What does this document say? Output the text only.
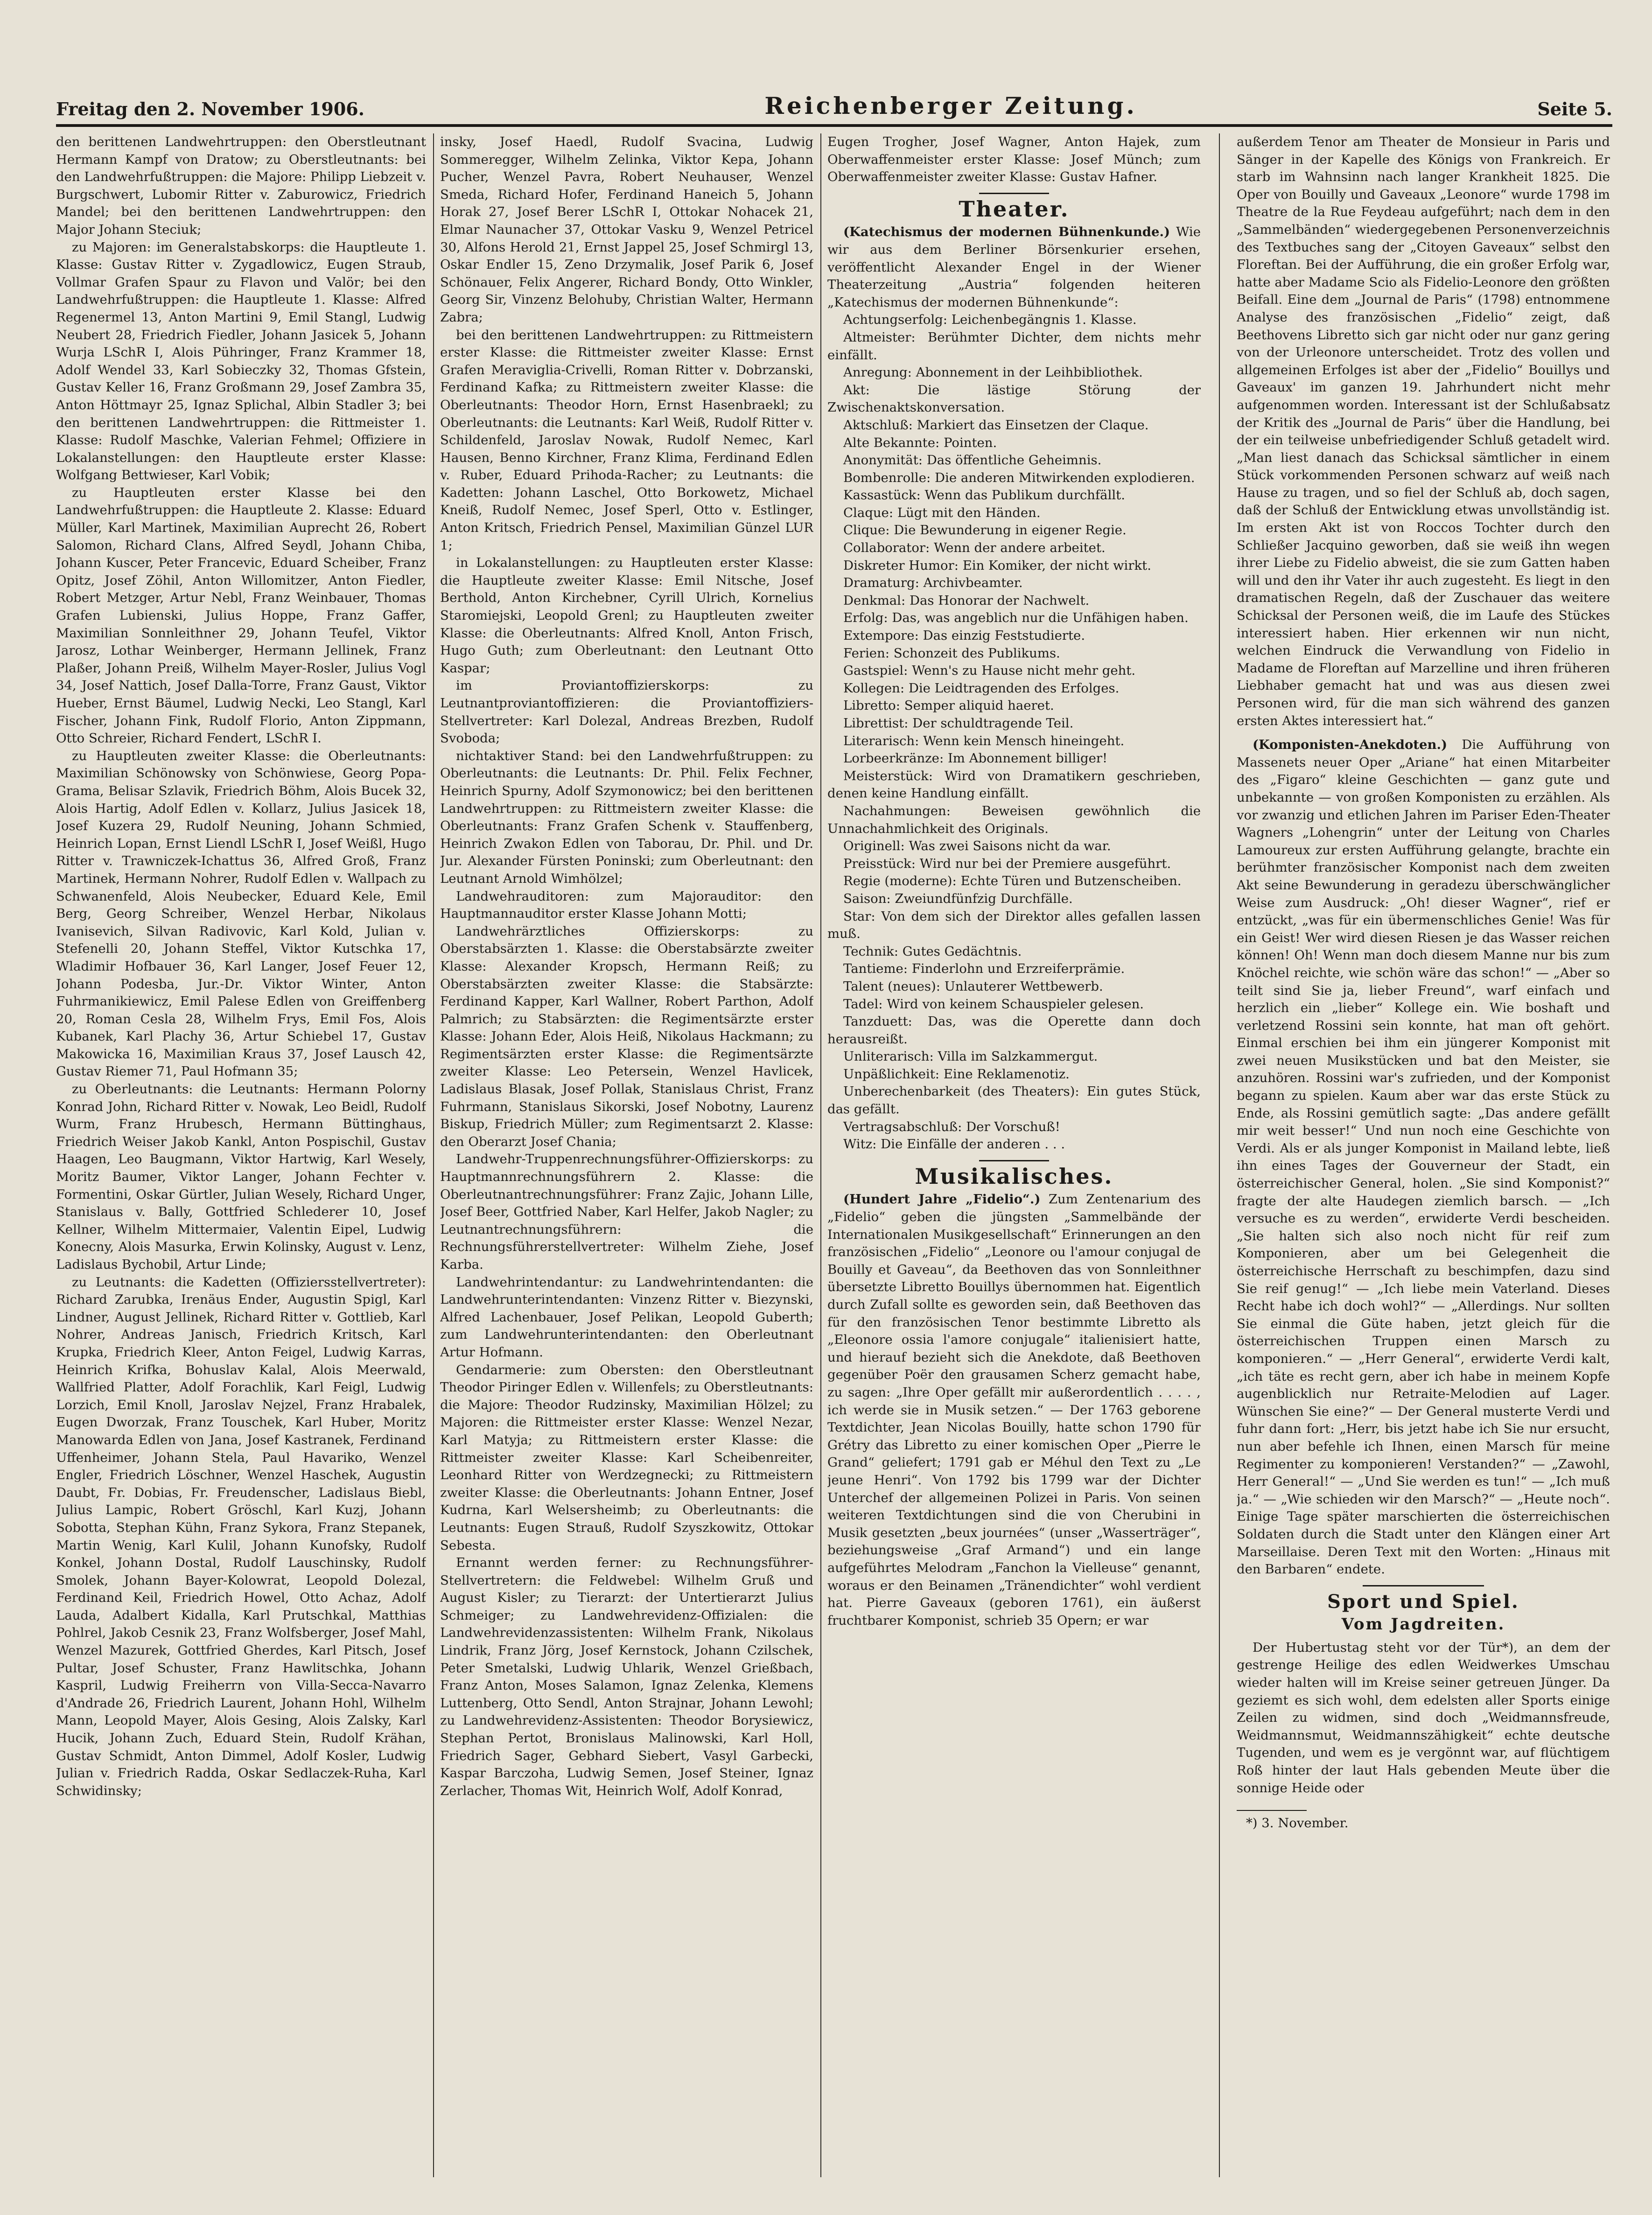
Freitag den 2. November 1906.	Reichenberger Zeitung.	Seite 5.

den berittenen Landwehrtruppen: den Oberstleutnant Hermann Kampf von Dratow; zu Oberstleutnants: bei den Landwehrfußtruppen: die Majore: Philipp Liebzeit v. Burgschwert, Lubomir Ritter v. Zaburowicz, Friedrich Mandel; bei den berittenen Landwehrtruppen: den Major Johann Steciuk;

zu Majoren: im Generalstabskorps: die Hauptleute 1. Klasse: Gustav Ritter v. Zygadlowicz, Eugen Straub, Vollmar Grafen Spaur zu Flavon und Valör; bei den Landwehrfußtruppen: die Hauptleute 1. Klasse: Alfred Regenermel 13, Anton Martini 9, Emil Stangl, Ludwig Neubert 28, Friedrich Fiedler, Johann Jasicek 5, Johann Wurja LSchR I, Alois Pühringer, Franz Krammer 18, Adolf Wendel 33, Karl Sobieczky 32, Thomas Gfstein, Gustav Keller 16, Franz Großmann 29, Josef Zambra 35, Anton Höttmayr 25, Ignaz Splichal, Albin Stadler 3; bei den berittenen Landwehrtruppen: die Rittmeister 1. Klasse: Rudolf Maschke, Valerian Fehmel; Offiziere in Lokalanstellungen: den Hauptleute erster Klasse: Wolfgang Bettwieser, Karl Vobik;

zu Hauptleuten erster Klasse bei den Landwehrfußtruppen: die Hauptleute 2. Klasse: Eduard Müller, Karl Martinek, Maximilian Auprecht 26, Robert Salomon, Richard Clans, Alfred Seydl, Johann Chiba, Johann Kuscer, Peter Francevic, Eduard Scheiber, Franz Opitz, Josef Zöhil, Anton Willomitzer, Anton Fiedler, Robert Metzger, Artur Nebl, Franz Weinbauer, Thomas Grafen Lubienski, Julius Hoppe, Franz Gaffer, Maximilian Sonnleithner 29, Johann Teufel, Viktor Jarosz, Lothar Weinberger, Hermann Jellinek, Franz Plaßer, Johann Preiß, Wilhelm Mayer-Rosler, Julius Vogl 34, Josef Nattich, Josef Dalla-Torre, Franz Gaust, Viktor Hueber, Ernst Bäumel, Ludwig Necki, Leo Stangl, Karl Fischer, Johann Fink, Rudolf Florio, Anton Zippmann, Otto Schreier, Richard Fendert, LSchR I.

zu Hauptleuten zweiter Klasse: die Oberleutnants: Maximilian Schönowsky von Schönwiese, Georg Popa-Grama, Belisar Szlavik, Friedrich Böhm, Alois Bucek 32, Alois Hartig, Adolf Edlen v. Kollarz, Julius Jasicek 18, Josef Kuzera 29, Rudolf Neuning, Johann Schmied, Heinrich Lopan, Ernst Liendl LSchR I, Josef Weißl, Hugo Ritter v. Trawniczek-Ichattus 36, Alfred Groß, Franz Martinek, Hermann Nohrer, Rudolf Edlen v. Wallpach zu Schwanenfeld, Alois Neubecker, Eduard Kele, Emil Berg, Georg Schreiber, Wenzel Herbar, Nikolaus Ivanisevich, Silvan Radivovic, Karl Kold, Julian v. Stefenelli 20, Johann Steffel, Viktor Kutschka 17, Wladimir Hofbauer 36, Karl Langer, Josef Feuer 12, Johann Podesba, Jur.-Dr. Viktor Winter, Anton Fuhrmanikiewicz, Emil Palese Edlen von Greiffenberg 20, Roman Cesla 28, Wilhelm Frys, Emil Fos, Alois Kubanek, Karl Plachy 36, Artur Schiebel 17, Gustav Makowicka 16, Maximilian Kraus 37, Josef Lausch 42, Gustav Riemer 71, Paul Hofmann 35;

zu Oberleutnants: die Leutnants: Hermann Polorny Konrad John, Richard Ritter v. Nowak, Leo Beidl, Rudolf Wurm, Franz Hrubesch, Hermann Büttinghaus, Friedrich Weiser Jakob Kankl, Anton Pospischil, Gustav Haagen, Leo Baugmann, Viktor Hartwig, Karl Wesely, Moritz Baumer, Viktor Langer, Johann Fechter v. Formentini, Oskar Gürtler, Julian Wesely, Richard Unger, Stanislaus v. Bally, Gottfried Schlederer 10, Josef Kellner, Wilhelm Mittermaier, Valentin Eipel, Ludwig Konecny, Alois Masurka, Erwin Kolinsky, August v. Lenz, Ladislaus Bychobil, Artur Linde;

zu Leutnants: die Kadetten (Offiziersstellvertreter): Richard Zarubka, Irenäus Ender, Augustin Spigl, Karl Lindner, August Jellinek, Richard Ritter v. Gottlieb, Karl Nohrer, Andreas Janisch, Friedrich Kritsch, Karl Krupka, Friedrich Kleer, Anton Feigel, Ludwig Karras, Heinrich Krifka, Bohuslav Kalal, Alois Meerwald, Wallfried Platter, Adolf Forachlik, Karl Feigl, Ludwig Lorzich, Emil Knoll, Jaroslav Nejzel, Franz Hrabalek, Eugen Dworzak, Franz Touschek, Karl Huber, Moritz Manowarda Edlen von Jana, Josef Kastranek, Ferdinand Uffenheimer, Johann Stela, Paul Havariko, Wenzel Engler, Friedrich Löschner, Wenzel Haschek, Augustin Daubt, Fr. Dobias, Fr. Freudenscher, Ladislaus Biebl, Julius Lampic, Robert Gröschl, Karl Kuzj, Johann Sobotta, Stephan Kühn, Franz Sykora, Franz Stepanek, Martin Wenig, Karl Kulil, Johann Kunofsky, Rudolf Konkel, Johann Dostal, Rudolf Lauschinsky, Rudolf Smolek, Johann Bayer-Kolowrat, Leopold Dolezal, Ferdinand Keil, Friedrich Howel, Otto Achaz, Adolf Lauda, Adalbert Kidalla, Karl Prutschkal, Matthias Pohlrel, Jakob Cesnik 23, Franz Wolfsberger, Josef Mahl, Wenzel Mazurek, Gottfried Gherdes, Karl Pitsch, Josef Pultar, Josef Schuster, Franz Hawlitschka, Johann Kaspril, Ludwig Freiherrn von Villa-Secca-Navarro d'Andrade 26, Friedrich Laurent, Johann Hohl, Wilhelm Mann, Leopold Mayer, Alois Gesing, Alois Zalsky, Karl Hucik, Johann Zuch, Eduard Stein, Rudolf Krähan, Gustav Schmidt, Anton Dimmel, Adolf Kosler, Ludwig Julian v. Friedrich Radda, Oskar Sedlaczek-Ruha, Karl Schwidinsky;

insky, Josef Haedl, Rudolf Svacina, Ludwig Sommeregger, Wilhelm Zelinka, Viktor Kepa, Johann Pucher, Wenzel Pavra, Robert Neuhauser, Wenzel Smeda, Richard Hofer, Ferdinand Haneich 5, Johann Horak 27, Josef Berer LSchR I, Ottokar Nohacek 21, Elmar Naunacher 37, Ottokar Vasku 9, Wenzel Petricel 30, Alfons Herold 21, Ernst Jappel 25, Josef Schmirgl 13, Oskar Endler 15, Zeno Drzymalik, Josef Parik 6, Josef Schönauer, Felix Angerer, Richard Bondy, Otto Winkler, Georg Sir, Vinzenz Belohuby, Christian Walter, Hermann Zabra;

bei den berittenen Landwehrtruppen: zu Rittmeistern erster Klasse: die Rittmeister zweiter Klasse: Ernst Grafen Meraviglia-Crivelli, Roman Ritter v. Dobrzanski, Ferdinand Kafka; zu Rittmeistern zweiter Klasse: die Oberleutnants: Theodor Horn, Ernst Hasenbraekl; zu Oberleutnants: die Leutnants: Karl Weiß, Rudolf Ritter v. Schildenfeld, Jaroslav Nowak, Rudolf Nemec, Karl Hausen, Benno Kirchner, Franz Klima, Ferdinand Edlen v. Ruber, Eduard Prihoda-Racher; zu Leutnants: die Kadetten: Johann Laschel, Otto Borkowetz, Michael Kneiß, Rudolf Nemec, Josef Sperl, Otto v. Estlinger, Anton Kritsch, Friedrich Pensel, Maximilian Günzel LUR 1;

in Lokalanstellungen: zu Hauptleuten erster Klasse: die Hauptleute zweiter Klasse: Emil Nitsche, Josef Berthold, Anton Kirchebner, Cyrill Ulrich, Kornelius Staromiejski, Leopold Grenl; zu Hauptleuten zweiter Klasse: die Oberleutnants: Alfred Knoll, Anton Frisch, Hugo Guth; zum Oberleutnant: den Leutnant Otto Kaspar;

im Proviantoffizierskorps: zu Leutnantproviantoffizieren: die Proviantoffiziers-Stellvertreter: Karl Dolezal, Andreas Brezben, Rudolf Svoboda;

nichtaktiver Stand: bei den Landwehrfußtruppen: zu Oberleutnants: die Leutnants: Dr. Phil. Felix Fechner, Heinrich Spurny, Adolf Szymonowicz; bei den berittenen Landwehrtruppen: zu Rittmeistern zweiter Klasse: die Oberleutnants: Franz Grafen Schenk v. Stauffenberg, Heinrich Zwakon Edlen von Taborau, Dr. Phil. und Dr. Jur. Alexander Fürsten Poninski; zum Oberleutnant: den Leutnant Arnold Wimhölzel;

Landwehrauditoren: zum Majorauditor: den Hauptmannauditor erster Klasse Johann Motti;

Landwehrärztliches Offizierskorps: zu Oberstabsärzten 1. Klasse: die Oberstabsärzte zweiter Klasse: Alexander Kropsch, Hermann Reiß; zu Oberstabsärzten zweiter Klasse: die Stabsärzte: Ferdinand Kapper, Karl Wallner, Robert Parthon, Adolf Palmrich; zu Stabsärzten: die Regimentsärzte erster Klasse: Johann Eder, Alois Heiß, Nikolaus Hackmann; zu Regimentsärzten erster Klasse: die Regimentsärzte zweiter Klasse: Leo Petersein, Wenzel Havlicek, Ladislaus Blasak, Josef Pollak, Stanislaus Christ, Franz Fuhrmann, Stanislaus Sikorski, Josef Nobotny, Laurenz Biskup, Friedrich Müller; zum Regimentsarzt 2. Klasse: den Oberarzt Josef Chania;

Landwehr-Truppenrechnungsführer-Offizierskorps: zu Hauptmannrechnungsführern 2. Klasse: die Oberleutnantrechnungsführer: Franz Zajic, Johann Lille, Josef Beer, Gottfried Naber, Karl Helfer, Jakob Nagler; zu Leutnantrechnungsführern: die Rechnungsführerstellvertreter: Wilhelm Ziehe, Josef Karba.

Landwehrintendantur: zu Landwehrintendanten: die Landwehrunterintendanten: Vinzenz Ritter v. Biezynski, Alfred Lachenbauer, Josef Pelikan, Leopold Guberth; zum Landwehrunterintendanten: den Oberleutnant Artur Hofmann.

Gendarmerie: zum Obersten: den Oberstleutnant Theodor Piringer Edlen v. Willenfels; zu Oberstleutnants: die Majore: Theodor Rudzinsky, Maximilian Hölzel; zu Majoren: die Rittmeister erster Klasse: Wenzel Nezar, Karl Matyja; zu Rittmeistern erster Klasse: die Rittmeister zweiter Klasse: Karl Scheibenreiter, Leonhard Ritter von Werdzegnecki; zu Rittmeistern zweiter Klasse: die Oberleutnants: Johann Entner, Josef Kudrna, Karl Welsersheimb; zu Oberleutnants: die Leutnants: Eugen Strauß, Rudolf Szyszkowitz, Ottokar Sebesta.

Ernannt werden ferner: zu Rechnungsführer-Stellvertretern: die Feldwebel: Wilhelm Gruß und August Kisler; zu Tierarzt: der Untertierarzt Julius Schmeiger; zu Landwehrevidenz-Offizialen: die Landwehrevidenzassistenten: Wilhelm Frank, Nikolaus Lindrik, Franz Jörg, Josef Kernstock, Johann Czilschek, Peter Smetalski, Ludwig Uhlarik, Wenzel Grießbach, Franz Anton, Moses Salamon, Ignaz Zelenka, Klemens Luttenberg, Otto Sendl, Anton Strajnar, Johann Lewohl; zu Landwehrevidenz-Assistenten: Theodor Borysiewicz, Stephan Pertot, Bronislaus Malinowski, Karl Holl, Friedrich Sager, Gebhard Siebert, Vasyl Garbecki, Kaspar Barczoha, Ludwig Semen, Josef Steiner, Ignaz Zerlacher, Thomas Wit, Heinrich Wolf, Adolf Konrad,

Eugen Trogher, Josef Wagner, Anton Hajek, zum Oberwaffenmeister erster Klasse: Josef Münch; zum Oberwaffenmeister zweiter Klasse: Gustav Hafner.

Theater.

(Katechismus der modernen Bühnenkunde.) Wie wir aus dem Berliner Börsenkurier ersehen, veröffentlicht Alexander Engel in der Wiener Theaterzeitung „Austria“ folgenden heiteren „Katechismus der modernen Bühnenkunde“:

Achtungserfolg: Leichenbegängnis 1. Klasse.

Altmeister: Berühmter Dichter, dem nichts mehr einfällt.

Anregung: Abonnement in der Leihbibliothek.

Akt: Die lästige Störung der Zwischenaktskonversation.

Aktschluß: Markiert das Einsetzen der Claque.

Alte Bekannte: Pointen.

Anonymität: Das öffentliche Geheimnis.

Bombenrolle: Die anderen Mitwirkenden explodieren.

Kassastück: Wenn das Publikum durchfällt.

Claque: Lügt mit den Händen.

Clique: Die Bewunderung in eigener Regie.

Collaborator: Wenn der andere arbeitet.

Diskreter Humor: Ein Komiker, der nicht wirkt.

Dramaturg: Archivbeamter.

Denkmal: Das Honorar der Nachwelt.

Erfolg: Das, was angeblich nur die Unfähigen haben.

Extempore: Das einzig Feststudierte.

Ferien: Schonzeit des Publikums.

Gastspiel: Wenn's zu Hause nicht mehr geht.

Kollegen: Die Leidtragenden des Erfolges.

Libretto: Semper aliquid haeret.

Librettist: Der schuldtragende Teil.

Literarisch: Wenn kein Mensch hineingeht.

Lorbeerkränze: Im Abonnement billiger!

Meisterstück: Wird von Dramatikern geschrieben, denen keine Handlung einfällt.

Nachahmungen: Beweisen gewöhnlich die Unnachahmlichkeit des Originals.

Originell: Was zwei Saisons nicht da war.

Preisstück: Wird nur bei der Premiere ausgeführt.

Regie (moderne): Echte Türen und Butzenscheiben.

Saison: Zweiundfünfzig Durchfälle.

Star: Von dem sich der Direktor alles gefallen lassen muß.

Technik: Gutes Gedächtnis.

Tantieme: Finderlohn und Erzreiferprämie.

Talent (neues): Unlauterer Wettbewerb.

Tadel: Wird von keinem Schauspieler gelesen.

Tanzduett: Das, was die Operette dann doch herausreißt.

Unliterarisch: Villa im Salzkammergut.

Unpäßlichkeit: Eine Reklamenotiz.

Unberechenbarkeit (des Theaters): Ein gutes Stück, das gefällt.

Vertragsabschluß: Der Vorschuß!

Witz: Die Einfälle der anderen . . .

Musikalisches.

(Hundert Jahre „Fidelio“.) Zum Zentenarium des „Fidelio“ geben die jüngsten „Sammelbände der Internationalen Musikgesellschaft“ Erinnerungen an den französischen „Fidelio“ „Leonore ou l'amour conjugal de Bouilly et Gaveau“, da Beethoven das von Sonnleithner übersetzte Libretto Bouillys übernommen hat. Eigentlich durch Zufall sollte es geworden sein, daß Beethoven das für den französischen Tenor bestimmte Libretto als „Eleonore ossia l'amore conjugale“ italienisiert hatte, und hierauf bezieht sich die Anekdote, daß Beethoven gegenüber Poër den grausamen Scherz gemacht habe, zu sagen: „Ihre Oper gefällt mir außerordentlich . . . . , ich werde sie in Musik setzen.“ — Der 1763 geborene Textdichter, Jean Nicolas Bouilly, hatte schon 1790 für Grétry das Libretto zu einer komischen Oper „Pierre le Grand“ geliefert; 1791 gab er Méhul den Text zu „Le jeune Henri“. Von 1792 bis 1799 war der Dichter Unterchef der allgemeinen Polizei in Paris. Von seinen weiteren Textdichtungen sind die von Cherubini in Musik gesetzten „beux journées“ (unser „Wasserträger“, beziehungsweise „Graf Armand“) und ein lange aufgeführtes Melodram „Fanchon la Vielleuse“ genannt, woraus er den Beinamen „Tränendichter“ wohl verdient hat. Pierre Gaveaux (geboren 1761), ein äußerst fruchtbarer Komponist, schrieb 35 Opern; er war

außerdem Tenor am Theater de Monsieur in Paris und Sänger in der Kapelle des Königs von Frankreich. Er starb im Wahnsinn nach langer Krankheit 1825. Die Oper von Bouilly und Gaveaux „Leonore“ wurde 1798 im Theatre de la Rue Feydeau aufgeführt; nach dem in den „Sammelbänden“ wiedergegebenen Personenverzeichnis des Textbuches sang der „Citoyen Gaveaux“ selbst den Floreftan. Bei der Aufführung, die ein großer Erfolg war, hatte aber Madame Scio als Fidelio-Leonore den größten Beifall. Eine dem „Journal de Paris“ (1798) entnommene Analyse des französischen „Fidelio“ zeigt, daß Beethovens Libretto sich gar nicht oder nur ganz gering von der Urleonore unterscheidet. Trotz des vollen und allgemeinen Erfolges ist aber der „Fidelio“ Bouillys und Gaveaux' im ganzen 19. Jahrhundert nicht mehr aufgenommen worden. Interessant ist der Schlußabsatz der Kritik des „Journal de Paris“ über die Handlung, bei der ein teilweise unbefriedigender Schluß getadelt wird. „Man liest danach das Schicksal sämtlicher in einem Stück vorkommenden Personen schwarz auf weiß nach Hause zu tragen, und so fiel der Schluß ab, doch sagen, daß der Schluß der Entwicklung etwas unvollständig ist. Im ersten Akt ist von Roccos Tochter durch den Schließer Jacquino geworben, daß sie weiß ihn wegen ihrer Liebe zu Fidelio abweist, die sie zum Gatten haben will und den ihr Vater ihr auch zugesteht. Es liegt in den dramatischen Regeln, daß der Zuschauer das weitere Schicksal der Personen weiß, die im Laufe des Stückes interessiert haben. Hier erkennen wir nun nicht, welchen Eindruck die Verwandlung von Fidelio in Madame de Floreftan auf Marzelline und ihren früheren Liebhaber gemacht hat und was aus diesen zwei Personen wird, für die man sich während des ganzen ersten Aktes interessiert hat.“

(Komponisten-Anekdoten.) Die Aufführung von Massenets neuer Oper „Ariane“ hat einen Mitarbeiter des „Figaro“ kleine Geschichten — ganz gute und unbekannte — von großen Komponisten zu erzählen. Als vor zwanzig und etlichen Jahren im Pariser Eden-Theater Wagners „Lohengrin“ unter der Leitung von Charles Lamoureux zur ersten Aufführung gelangte, brachte ein berühmter französischer Komponist nach dem zweiten Akt seine Bewunderung in geradezu überschwänglicher Weise zum Ausdruck: „Oh! dieser Wagner“, rief er entzückt, „was für ein übermenschliches Genie! Was für ein Geist! Wer wird diesen Riesen je das Wasser reichen können! Oh! Wenn man doch diesem Manne nur bis zum Knöchel reichte, wie schön wäre das schon!“ — „Aber so teilt sind Sie ja, lieber Freund“, warf einfach und herzlich ein „lieber“ Kollege ein. Wie boshaft und verletzend Rossini sein konnte, hat man oft gehört. Einmal erschien bei ihm ein jüngerer Komponist mit zwei neuen Musikstücken und bat den Meister, sie anzuhören. Rossini war's zufrieden, und der Komponist begann zu spielen. Kaum aber war das erste Stück zu Ende, als Rossini gemütlich sagte: „Das andere gefällt mir weit besser!“ Und nun noch eine Geschichte von Verdi. Als er als junger Komponist in Mailand lebte, ließ ihn eines Tages der Gouverneur der Stadt, ein österreichischer General, holen. „Sie sind Komponist?“ fragte der alte Haudegen ziemlich barsch. — „Ich versuche es zu werden“, erwiderte Verdi bescheiden. „Sie halten sich also noch nicht für reif zum Komponieren, aber um bei Gelegenheit die österreichische Herrschaft zu beschimpfen, dazu sind Sie reif genug!“ — „Ich liebe mein Vaterland. Dieses Recht habe ich doch wohl?“ — „Allerdings. Nur sollten Sie einmal die Güte haben, jetzt gleich für die österreichischen Truppen einen Marsch zu komponieren.“ — „Herr General“, erwiderte Verdi kalt, „ich täte es recht gern, aber ich habe in meinem Kopfe augenblicklich nur Retraite-Melodien auf Lager. Wünschen Sie eine?“ — Der General musterte Verdi und fuhr dann fort: „Herr, bis jetzt habe ich Sie nur ersucht, nun aber befehle ich Ihnen, einen Marsch für meine Regimenter zu komponieren! Verstanden?“ — „Zawohl, Herr General!“ — „Und Sie werden es tun!“ — „Ich muß ja.“ — „Wie schieden wir den Marsch?“ — „Heute noch“. Einige Tage später marschierten die österreichischen Soldaten durch die Stadt unter den Klängen einer Art Marseillaise. Deren Text mit den Worten: „Hinaus mit den Barbaren“ endete.

Sport und Spiel.
Vom Jagdreiten.

Der Hubertustag steht vor der Tür*), an dem der gestrenge Heilige des edlen Weidwerkes Umschau wieder halten will im Kreise seiner getreuen Jünger. Da geziemt es sich wohl, dem edelsten aller Sports einige Zeilen zu widmen, sind doch „Weidmannsfreude, Weidmannsmut, Weidmannszähigkeit“ echte deutsche Tugenden, und wem es je vergönnt war, auf flüchtigem Roß hinter der laut Hals gebenden Meute über die sonnige Heide oder

*) 3. November.
